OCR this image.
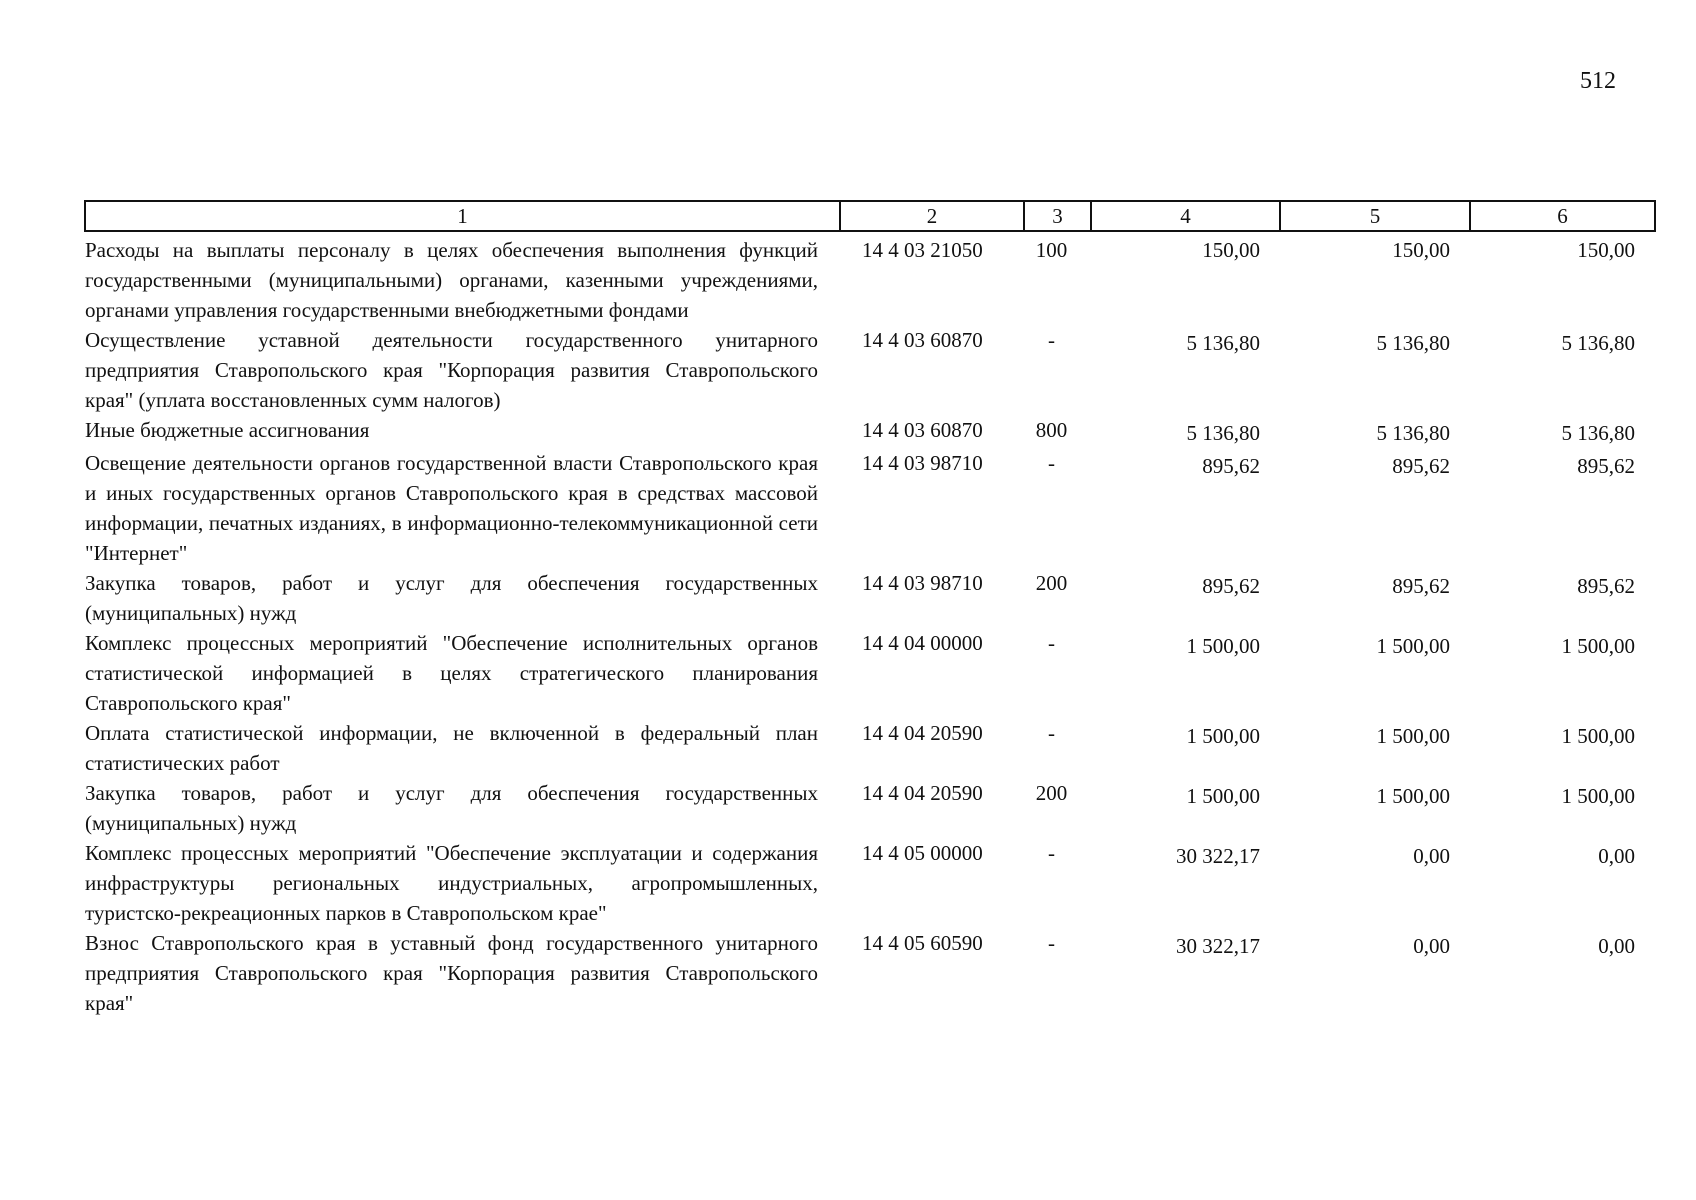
512
1	2	3	4	5	6
Расходы на выплаты персоналу в целях обеспечения выполнения функций государственными (муниципальными) органами, казенными учреждениями, органами управления государственными внебюджетными фондами	14 4 03 21050	100	150,00	150,00	150,00
Осуществление уставной деятельности государственного унитарного предприятия Ставропольского края "Корпорация развития Ставропольского края" (уплата восстановленных сумм налогов)	14 4 03 60870	-	5 136,80	5 136,80	5 136,80
Иные бюджетные ассигнования	14 4 03 60870	800	5 136,80	5 136,80	5 136,80
Освещение деятельности органов государственной власти Ставропольского края и иных государственных органов Ставропольского края в средствах массовой информации, печатных изданиях, в информационно-телекоммуникационной сети "Интернет"	14 4 03 98710	-	895,62	895,62	895,62
Закупка товаров, работ и услуг для обеспечения государственных (муниципальных) нужд	14 4 03 98710	200	895,62	895,62	895,62
Комплекс процессных мероприятий "Обеспечение исполнительных органов статистической информацией в целях стратегического планирования Ставропольского края"	14 4 04 00000	-	1 500,00	1 500,00	1 500,00
Оплата статистической информации, не включенной в федеральный план статистических работ	14 4 04 20590	-	1 500,00	1 500,00	1 500,00
Закупка товаров, работ и услуг для обеспечения государственных (муниципальных) нужд	14 4 04 20590	200	1 500,00	1 500,00	1 500,00
Комплекс процессных мероприятий "Обеспечение эксплуатации и содержания инфраструктуры региональных индустриальных, агропромышленных, туристско-рекреационных парков в Ставропольском крае"	14 4 05 00000	-	30 322,17	0,00	0,00
Взнос Ставропольского края в уставный фонд государственного унитарного предприятия Ставропольского края "Корпорация развития Ставропольского края"	14 4 05 60590	-	30 322,17	0,00	0,00
